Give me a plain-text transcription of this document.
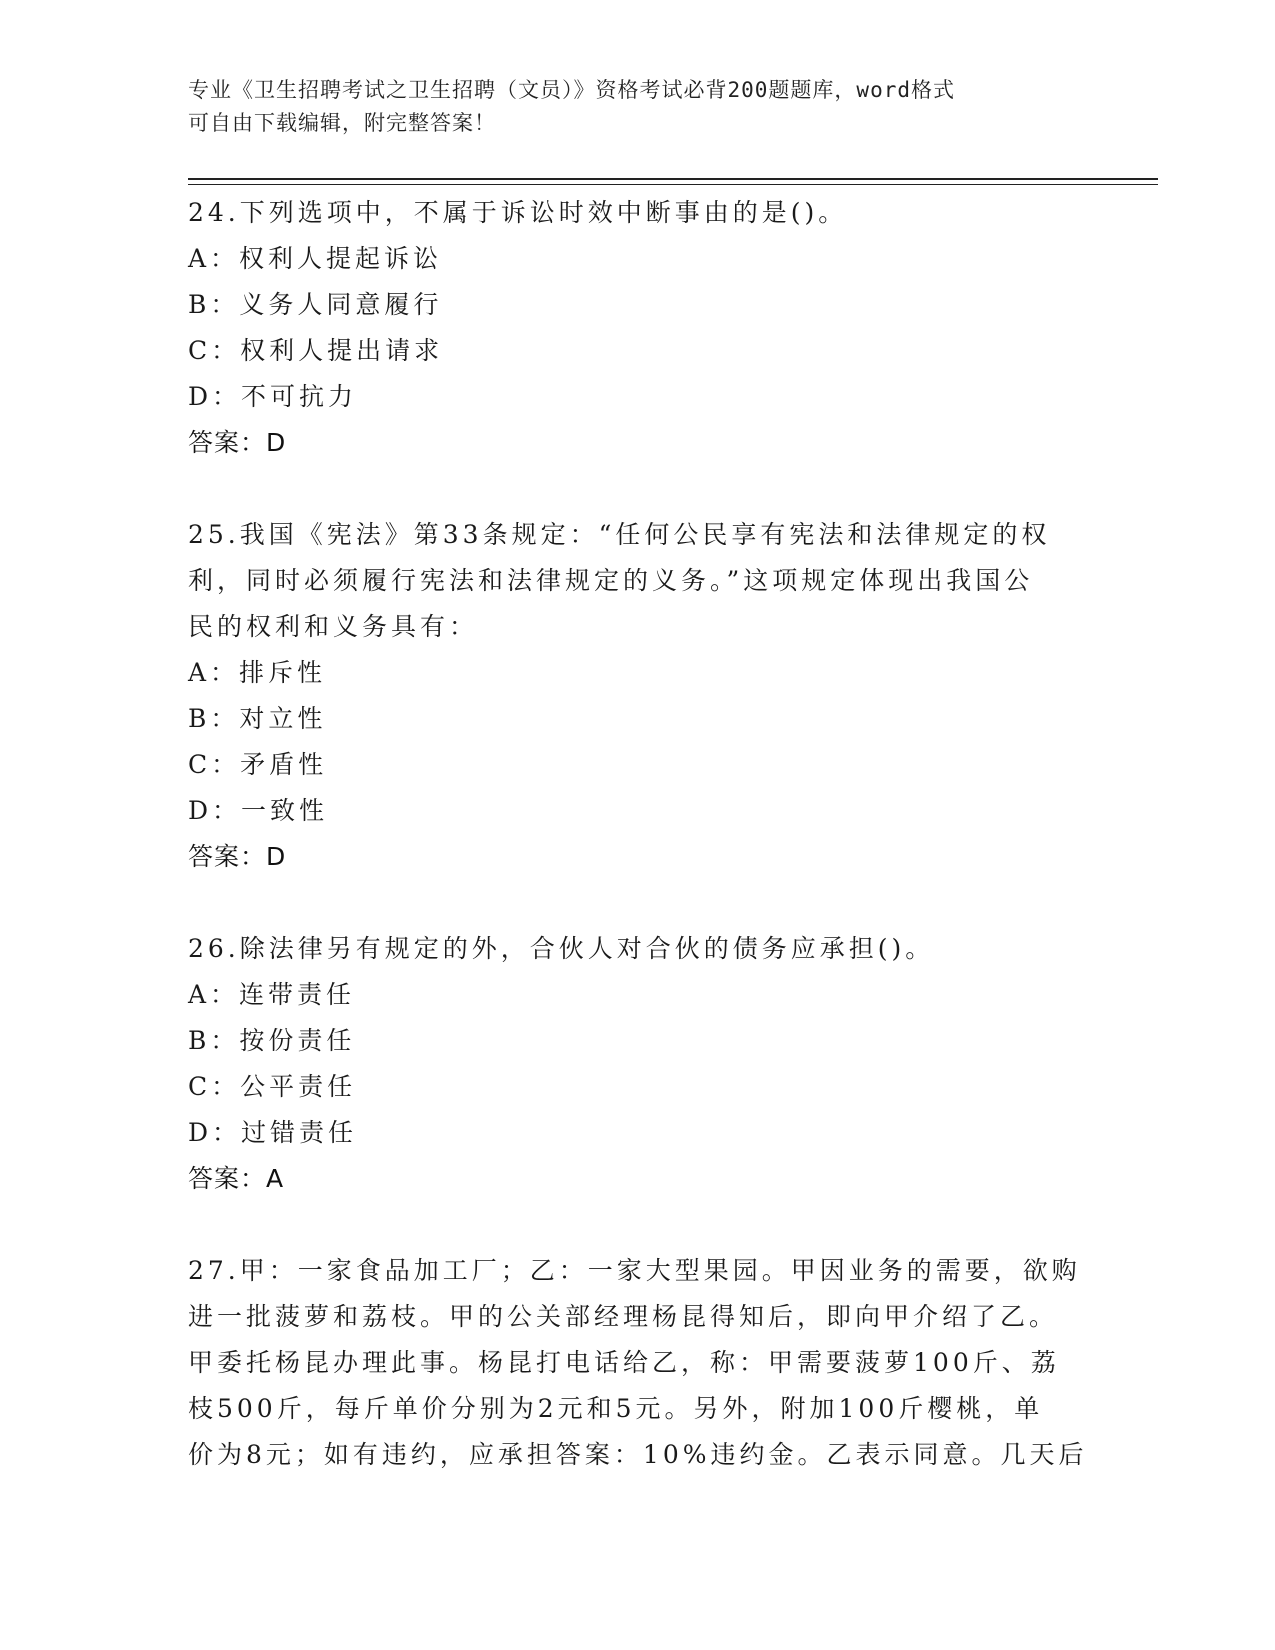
专业《卫生招聘考试之卫生招聘（文员）》资格考试必背200题题库，word格式
可自由下载编辑，附完整答案！
24.下列选项中，不属于诉讼时效中断事由的是()。
A：权利人提起诉讼
B：义务人同意履行
C：权利人提出请求
D：不可抗力
答案：D
25.我国《宪法》第33条规定：“任何公民享有宪法和法律规定的权
利，同时必须履行宪法和法律规定的义务。”这项规定体现出我国公
民的权利和义务具有：
A：排斥性
B：对立性
C：矛盾性
D：一致性
答案：D
26.除法律另有规定的外，合伙人对合伙的债务应承担()。
A：连带责任
B：按份责任
C：公平责任
D：过错责任
答案：A
27.甲：一家食品加工厂；乙：一家大型果园。甲因业务的需要，欲购
进一批菠萝和荔枝。甲的公关部经理杨昆得知后，即向甲介绍了乙。
甲委托杨昆办理此事。杨昆打电话给乙，称：甲需要菠萝100斤、荔
枝500斤，每斤单价分别为2元和5元。另外，附加100斤樱桃，单
价为8元；如有违约，应承担答案：10%违约金。乙表示同意。几天后
